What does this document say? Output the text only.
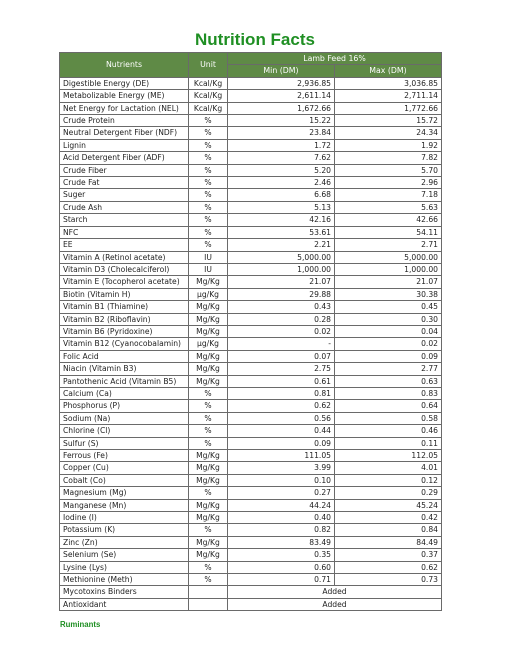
Nutrition Facts
Nutrients	Unit	Lamb Feed 16%	
		Min (DM)	Max (DM)
Digestible Energy (DE)	Kcal/Kg	2,936.85	3,036.85
Metabolizable Energy (ME)	Kcal/Kg	2,611.14	2,711.14
Net Energy for Lactation (NEL)	Kcal/Kg	1,672.66	1,772.66
Crude Protein	%	15.22	15.72
Neutral Detergent Fiber (NDF)	%	23.84	24.34
Lignin	%	1.72	1.92
Acid Detergent Fiber (ADF)	%	7.62	7.82
Crude Fiber	%	5.20	5.70
Crude Fat	%	2.46	2.96
Suger	%	6.68	7.18
Crude Ash	%	5.13	5.63
Starch	%	42.16	42.66
NFC	%	53.61	54.11
EE	%	2.21	2.71
Vitamin A (Retinol acetate)	IU	5,000.00	5,000.00
Vitamin D3 (Cholecalciferol)	IU	1,000.00	1,000.00
Vitamin E (Tocopherol acetate)	Mg/Kg	21.07	21.07
Biotin (Vitamin H)	µg/Kg	29.88	30.38
Vitamin B1 (Thiamine)	Mg/Kg	0.43	0.45
Vitamin B2 (Riboflavin)	Mg/Kg	0.28	0.30
Vitamin B6 (Pyridoxine)	Mg/Kg	0.02	0.04
Vitamin B12 (Cyanocobalamin)	µg/Kg	-	0.02
Folic Acid	Mg/Kg	0.07	0.09
Niacin (Vitamin B3)	Mg/Kg	2.75	2.77
Pantothenic Acid (Vitamin B5)	Mg/Kg	0.61	0.63
Calcium (Ca)	%	0.81	0.83
Phosphorus (P)	%	0.62	0.64
Sodium (Na)	%	0.56	0.58
Chlorine (Cl)	%	0.44	0.46
Sulfur (S)	%	0.09	0.11
Ferrous (Fe)	Mg/Kg	111.05	112.05
Copper (Cu)	Mg/Kg	3.99	4.01
Cobalt (Co)	Mg/Kg	0.10	0.12
Magnesium (Mg)	%	0.27	0.29
Manganese (Mn)	Mg/Kg	44.24	45.24
Iodine (I)	Mg/Kg	0.40	0.42
Potassium (K)	%	0.82	0.84
Zinc (Zn)	Mg/Kg	83.49	84.49
Selenium (Se)	Mg/Kg	0.35	0.37
Lysine (Lys)	%	0.60	0.62
Methionine (Meth)	%	0.71	0.73
Mycotoxins Binders		Added	
Antioxidant		Added	
Ruminants
